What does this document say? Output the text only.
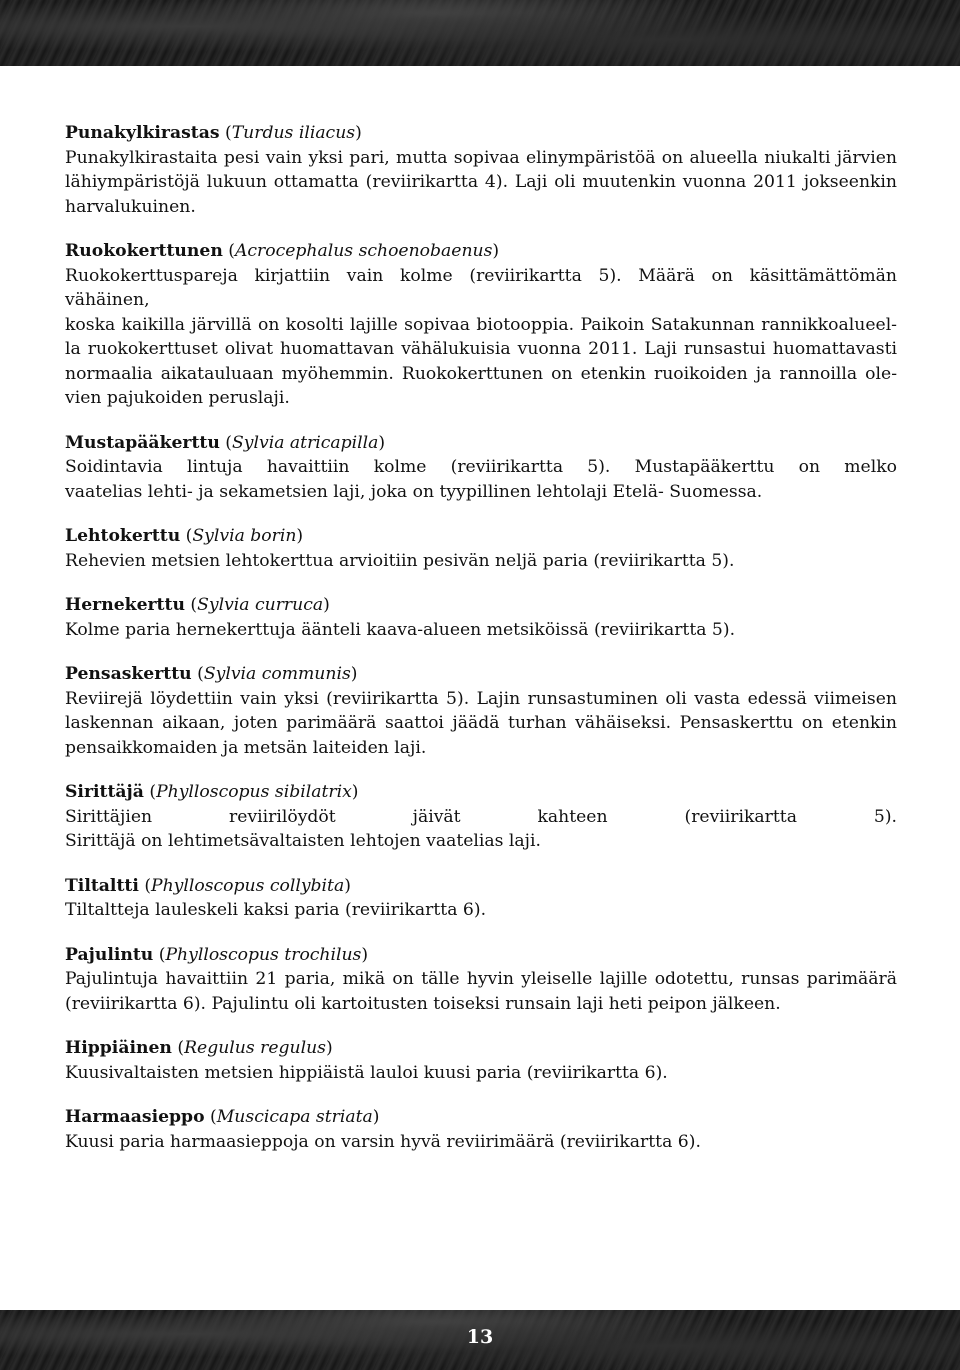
Punakylkirastas (Turdus iliacus)
Punakylkirastaita pesi vain yksi pari, mutta sopivaa elinympäristöä on alueella niukalti järvien
lähiympäristöjä lukuun ottamatta (reviirikartta 4). Laji oli muutenkin vuonna 2011 jokseenkin
harvalukuinen.
Ruokokerttunen (Acrocephalus schoenobaenus)
Ruokokerttuspareja kirjattiin vain kolme (reviirikartta 5). Määrä on käsittämättömän vähäinen,
koska kaikilla järvillä on kosolti lajille sopivaa biotooppia. Paikoin Satakunnan rannikkoalueel-
la ruokokerttuset olivat huomattavan vähälukuisia vuonna 2011. Laji runsastui huomattavasti
normaalia aikatauluaan myöhemmin. Ruokokerttunen on etenkin ruoikoiden ja rannoilla ole-
vien pajukoiden peruslaji.
Mustapääkerttu (Sylvia atricapilla)
Soidintavia lintuja havaittiin kolme (reviirikartta 5). Mustapääkerttu on melko
vaatelias lehti- ja sekametsien laji, joka on tyypillinen lehtolaji Etelä- Suomessa.
Lehtokerttu (Sylvia borin)
Rehevien metsien lehtokerttua arvioitiin pesivän neljä paria (reviirikartta 5).
Hernekerttu (Sylvia curruca)
Kolme paria hernekerttuja äänteli kaava-alueen metsiköissä (reviirikartta 5).
Pensaskerttu (Sylvia communis)
Reviirejä löydettiin vain yksi (reviirikartta 5). Lajin runsastuminen oli vasta edessä viimeisen
laskennan aikaan, joten parimäärä saattoi jäädä turhan vähäiseksi. Pensaskerttu on etenkin
pensaikkomaiden ja metsän laiteiden laji.
Sirittäjä (Phylloscopus sibilatrix)
Sirittäjien reviirilöydöt jäivät kahteen (reviirikartta 5).
Sirittäjä on lehtimetsävaltaisten lehtojen vaatelias laji.
Tiltaltti (Phylloscopus collybita)
Tiltaltteja lauleskeli kaksi paria (reviirikartta 6).
Pajulintu (Phylloscopus trochilus)
Pajulintuja havaittiin 21 paria, mikä on tälle hyvin yleiselle lajille odotettu, runsas parimäärä
(reviirikartta 6). Pajulintu oli kartoitusten toiseksi runsain laji heti peipon jälkeen.
Hippiäinen (Regulus regulus)
Kuusivaltaisten metsien hippiäistä lauloi kuusi paria (reviirikartta 6).
Harmaasieppo (Muscicapa striata)
Kuusi paria harmaasieppoja on varsin hyvä reviirimäärä (reviirikartta 6).
13
